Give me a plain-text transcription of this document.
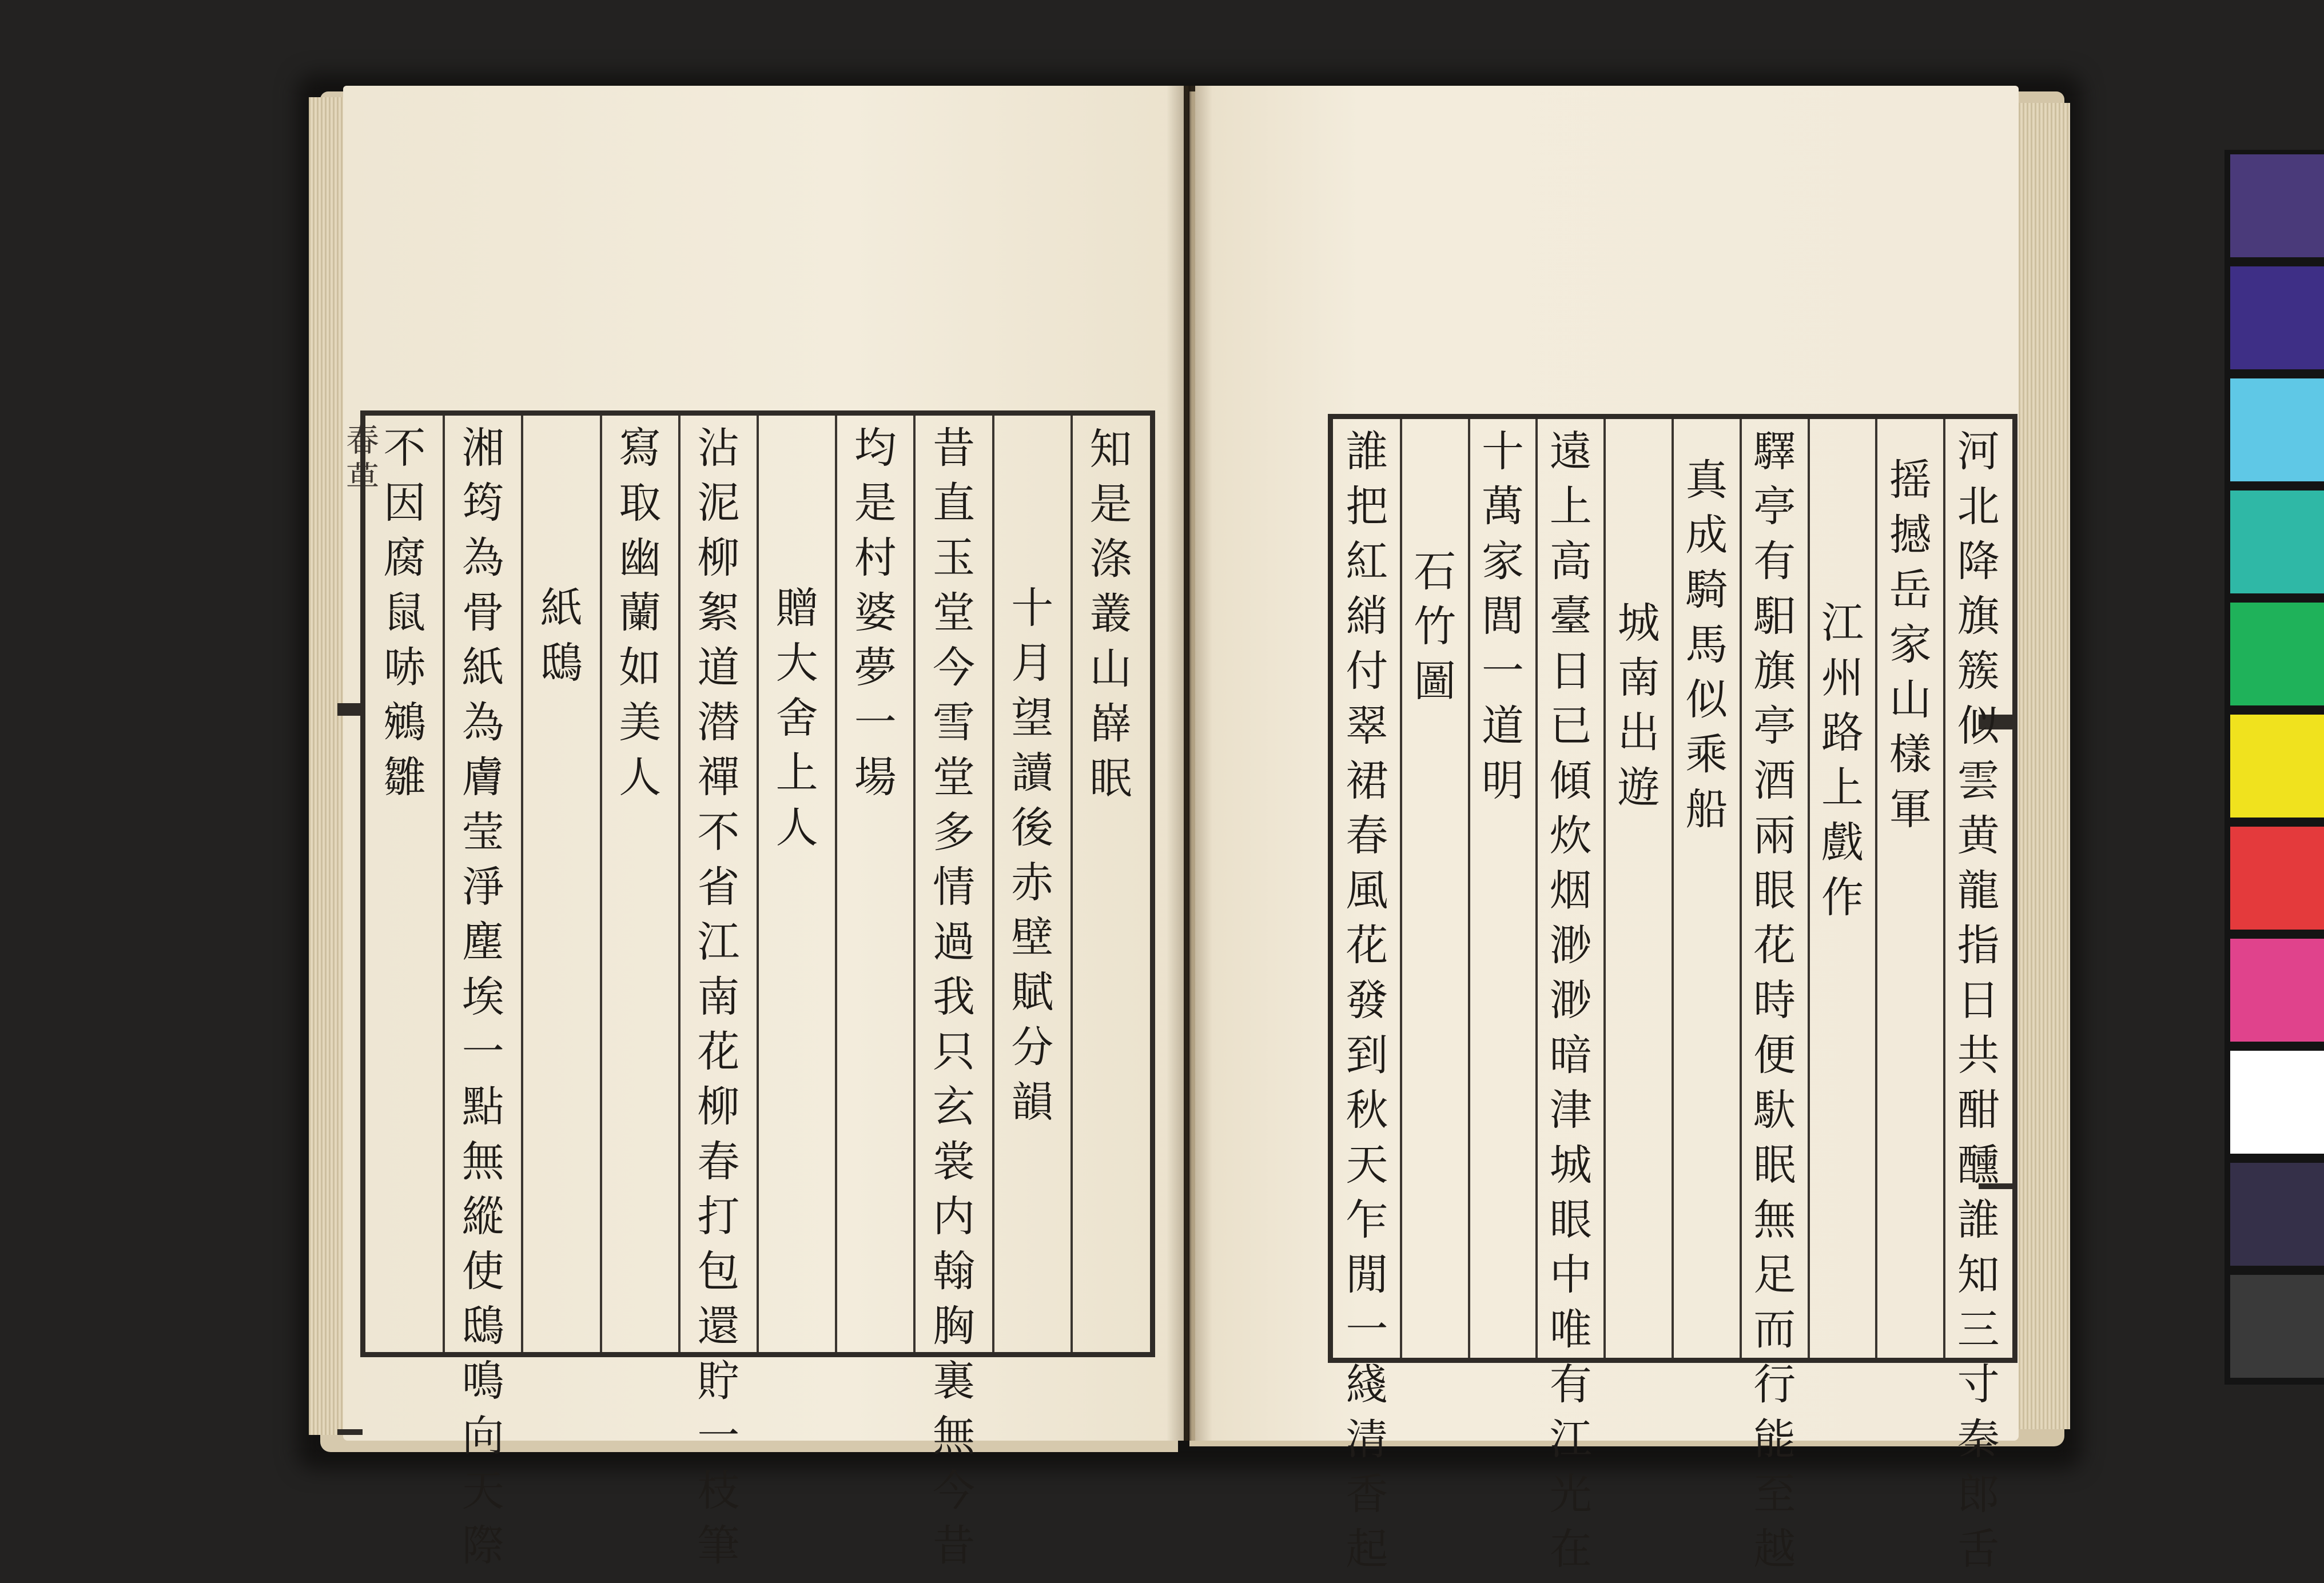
春
草
知
是
涤
叢
山
嶭
眠
十
月
望
讀
後
赤
壁
賦
分
韻
昔
直
玉
堂
今
雪
堂
多
情
過
我
只
玄
裳
内
翰
胸
裏
無
今
昔
均
是
村
婆
夢
一
場
贈
大
舍
上
人
沾
泥
柳
絮
道
潜
禪
不
省
江
南
花
柳
春
打
包
還
貯
一
枝
筆
寫
取
幽
蘭
如
美
人
紙
鴟
湘
筠
為
骨
紙
為
膚
莹
淨
塵
埃
一
點
無
縱
使
鴟
鳴
向
天
際
不
因
腐
鼠
哧
鵷
雛
河
北
降
旗
簇
似
雲
黄
龍
指
日
共
酣
醺
誰
知
三
寸
秦
郎
舌
摇
撼
岳
家
山
樣
軍
江
州
路
上
戲
作
驛
亭
有
馹
旗
亭
酒
兩
眼
花
時
便
馱
眠
無
足
而
行
能
至
越
真
成
騎
馬
似
乘
船
城
南
出
遊
遠
上
高
臺
日
已
傾
炊
烟
渺
渺
暗
津
城
眼
中
唯
有
江
光
在
十
萬
家
閭
一
道
明
石
竹
圖
誰
把
紅
綃
付
翠
裙
春
風
花
發
到
秋
天
乍
閒
一
綫
清
香
起
